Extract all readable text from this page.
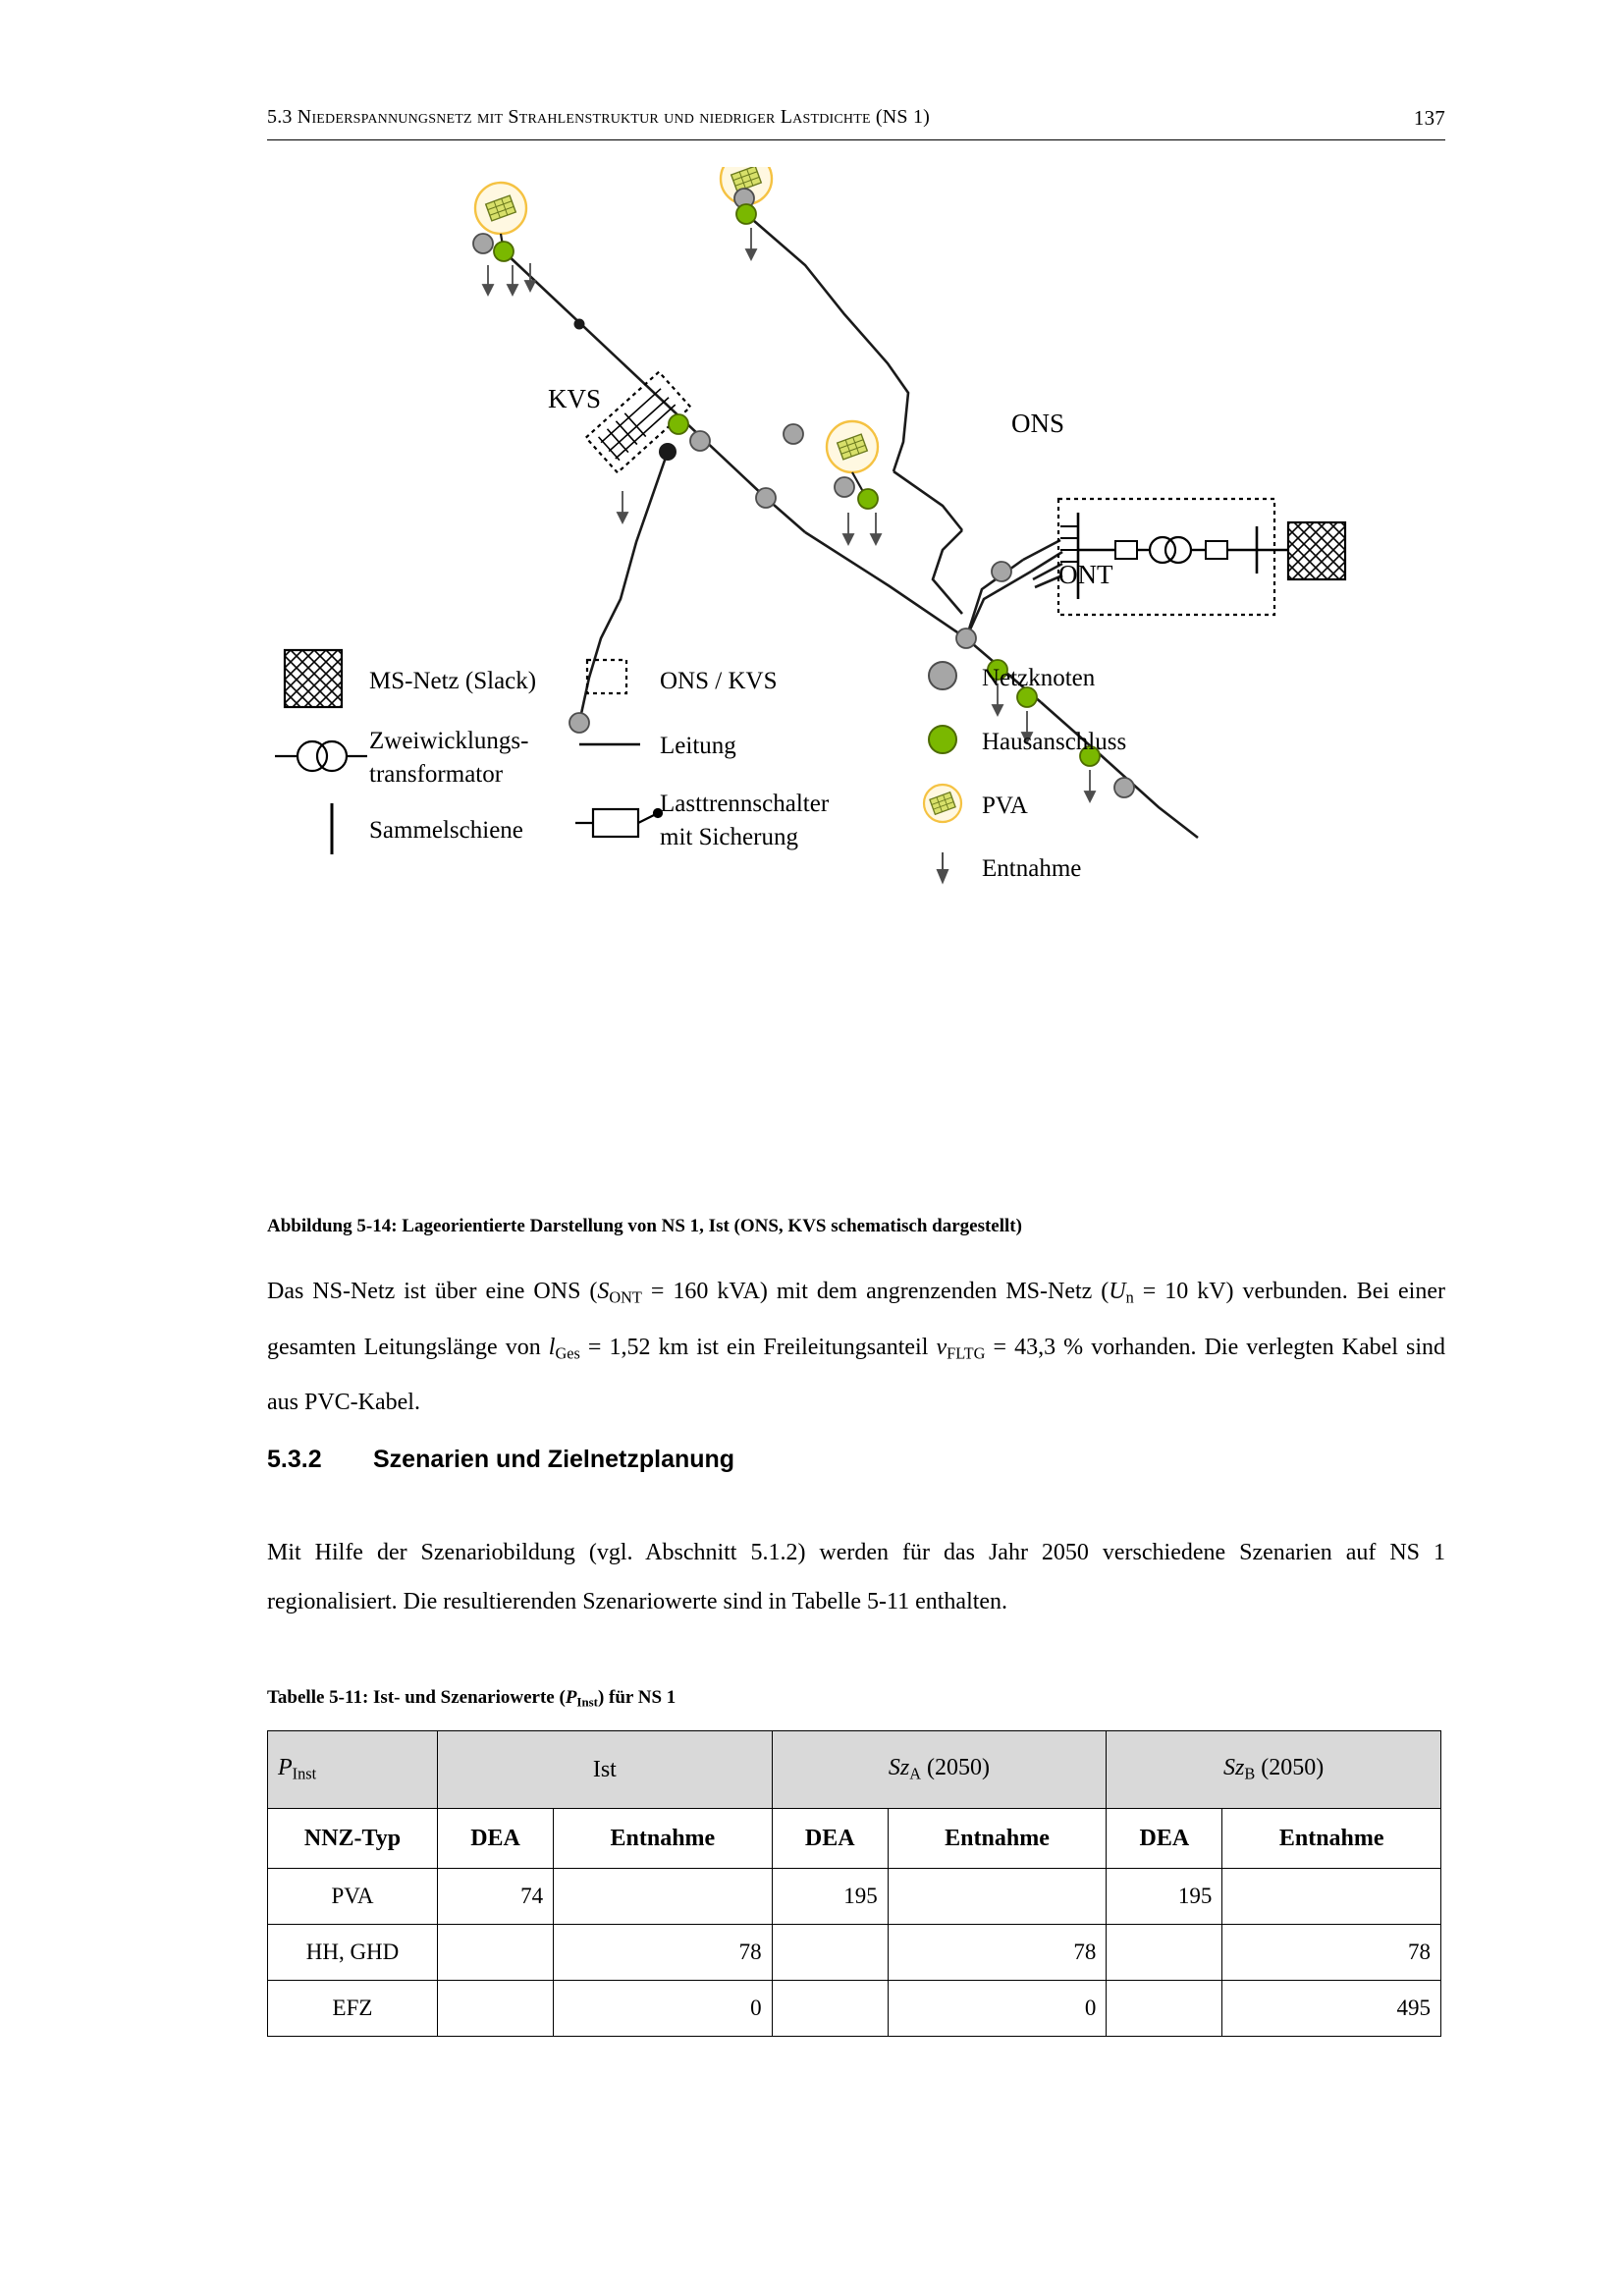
5.3 Niederspannungsnetz mit Strahlenstruktur und niedriger Lastdichte (NS 1)	137
ONS
ONT
KVS
MS-Netz (Slack)
Zweiwicklungs-
transformator
Sammelschiene
ONS / KVS
Leitung
Lasttrennschalter
mit Sicherung
Netzknoten
Hausanschluss
PVA
Entnahme
Abbildung 5-14: Lageorientierte Darstellung von NS 1, Ist (ONS, KVS schematisch dargestellt)
Das NS-Netz ist über eine ONS ($S_{ONT} = 160$ kVA) mit dem angrenzenden MS-Netz ($U_n = 10$ kV) verbunden. Bei einer gesamten Leitungslänge von $l_{Ges} = 1,52$ km ist ein Freileitungsanteil $v_{FLTG} = 43,3$ % vorhanden. Die verlegten Kabel sind aus PVC-Kabel.
5.3.2 Szenarien und Zielnetzplanung
Mit Hilfe der Szenariobildung (vgl. Abschnitt 5.1.2) werden für das Jahr 2050 verschiedene Szenarien auf NS 1 regionalisiert. Die resultierenden Szenariowerte sind in Tabelle 5-11 enthalten.
Tabelle 5-11: Ist- und Szenariowerte $(P_{Inst})$ für NS 1
$P_{Inst}$	Ist		$Sz_A$ (2050)		$Sz_B$ (2050)	
NNZ-Typ	DEA	Entnahme	DEA	Entnahme	DEA	Entnahme
PVA	74		195		195	
HH, GHD		78		78		78
EFZ		0		0		495
